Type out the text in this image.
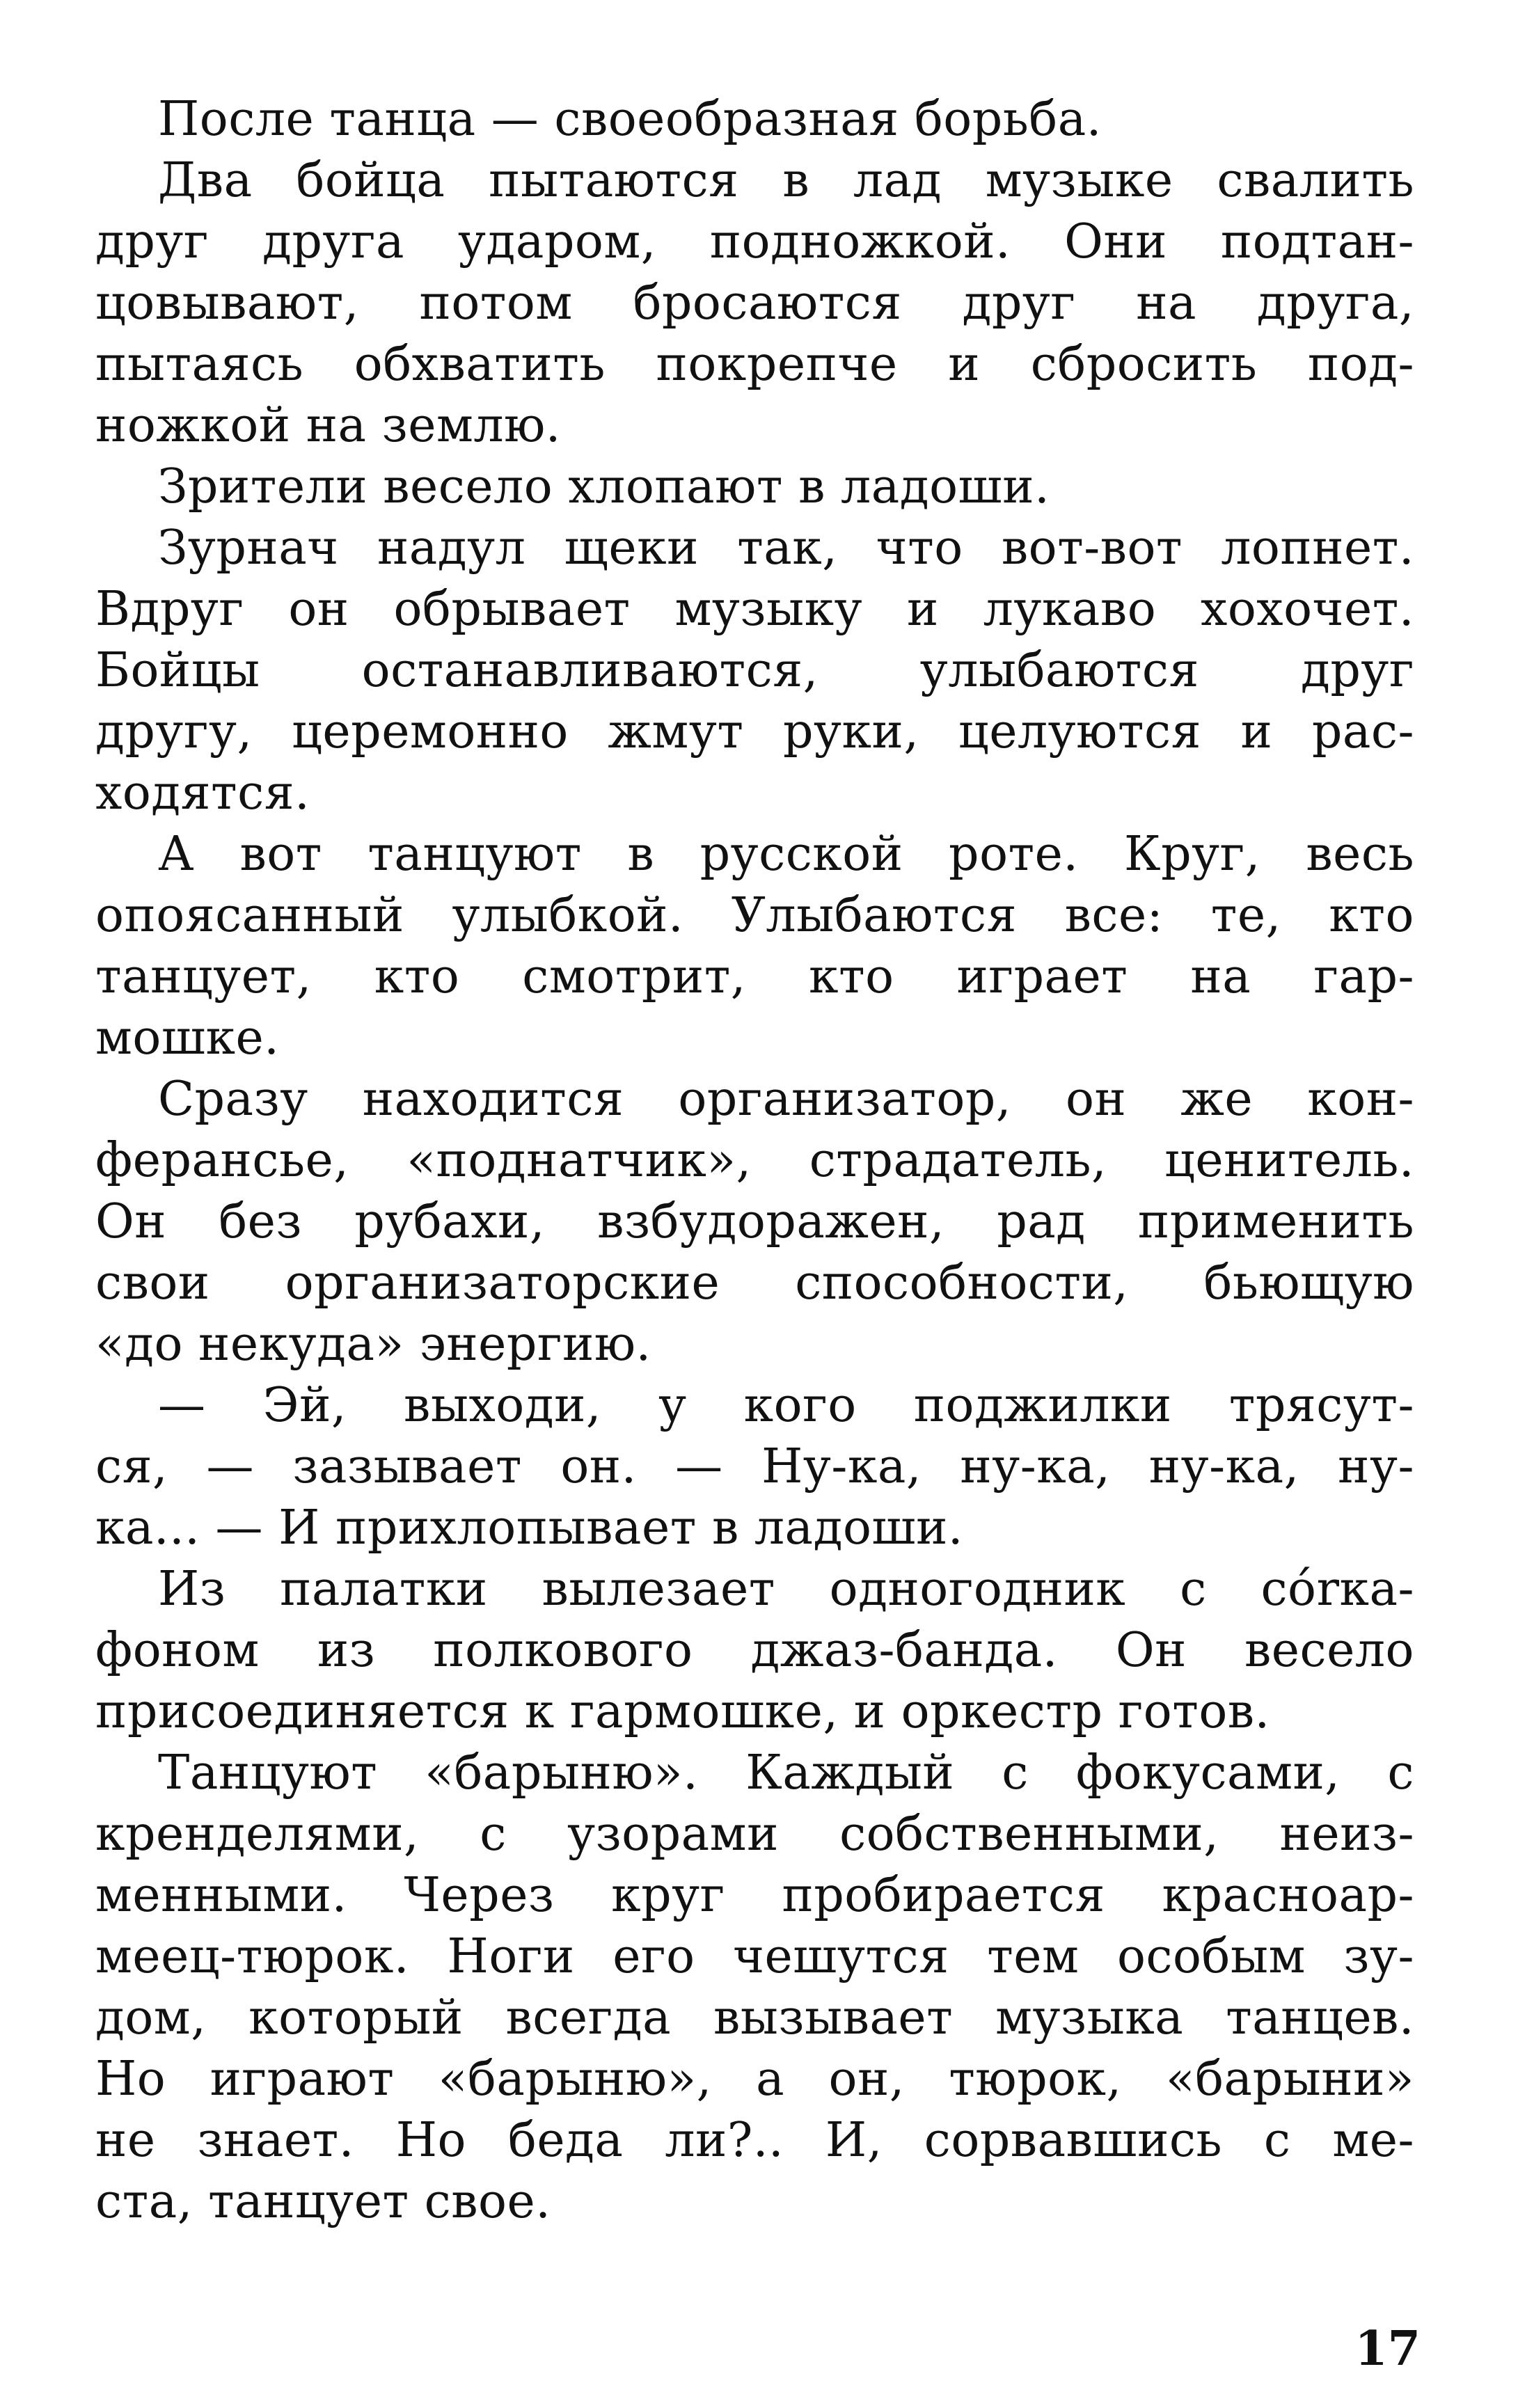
После танца — своеобразная борьба.
Два бойца пытаются в лад музыке свалить
друг друга ударом, подножкой. Они подтан-
цовывают, потом бросаются друг на друга,
пытаясь обхватить покрепче и сбросить под-
ножкой на землю.
Зрители весело хлопают в ладоши.
Зурнач надул щеки так, что вот-вот лопнет.
Вдруг он обрывает музыку и лукаво хохочет.
Бойцы останавливаются, улыбаются друг
другу, церемонно жмут руки, целуются и рас-
ходятся.
А вот танцуют в русской роте. Круг, весь
опоясанный улыбкой. Улыбаются все: те, кто
танцует, кто смотрит, кто играет на гар-
мошке.
Сразу находится организатор, он же кон-
ферансье, «поднатчик», страдатель, ценитель.
Он без рубахи, взбудоражен, рад применить
свои организаторские способности, бьющую
«до некуда» энергию.
— Эй, выходи, у кого поджилки трясут-
ся, — зазывает он. — Ну-ка, ну-ка, ну-ка, ну-
ка... — И прихлопывает в ладоши.
Из палатки вылезает одногодник с córка-
фоном из полкового джаз-банда. Он весело
присоединяется к гармошке, и оркестр готов.
Танцуют «барыню». Каждый с фокусами, с
кренделями, с узорами собственными, неиз-
менными. Через круг пробирается красноар-
меец-тюрок. Ноги его чешутся тем особым зу-
дом, который всегда вызывает музыка танцев.
Но играют «барыню», а он, тюрок, «барыни»
не знает. Но беда ли?.. И, сорвавшись с ме-
ста, танцует свое.
17
